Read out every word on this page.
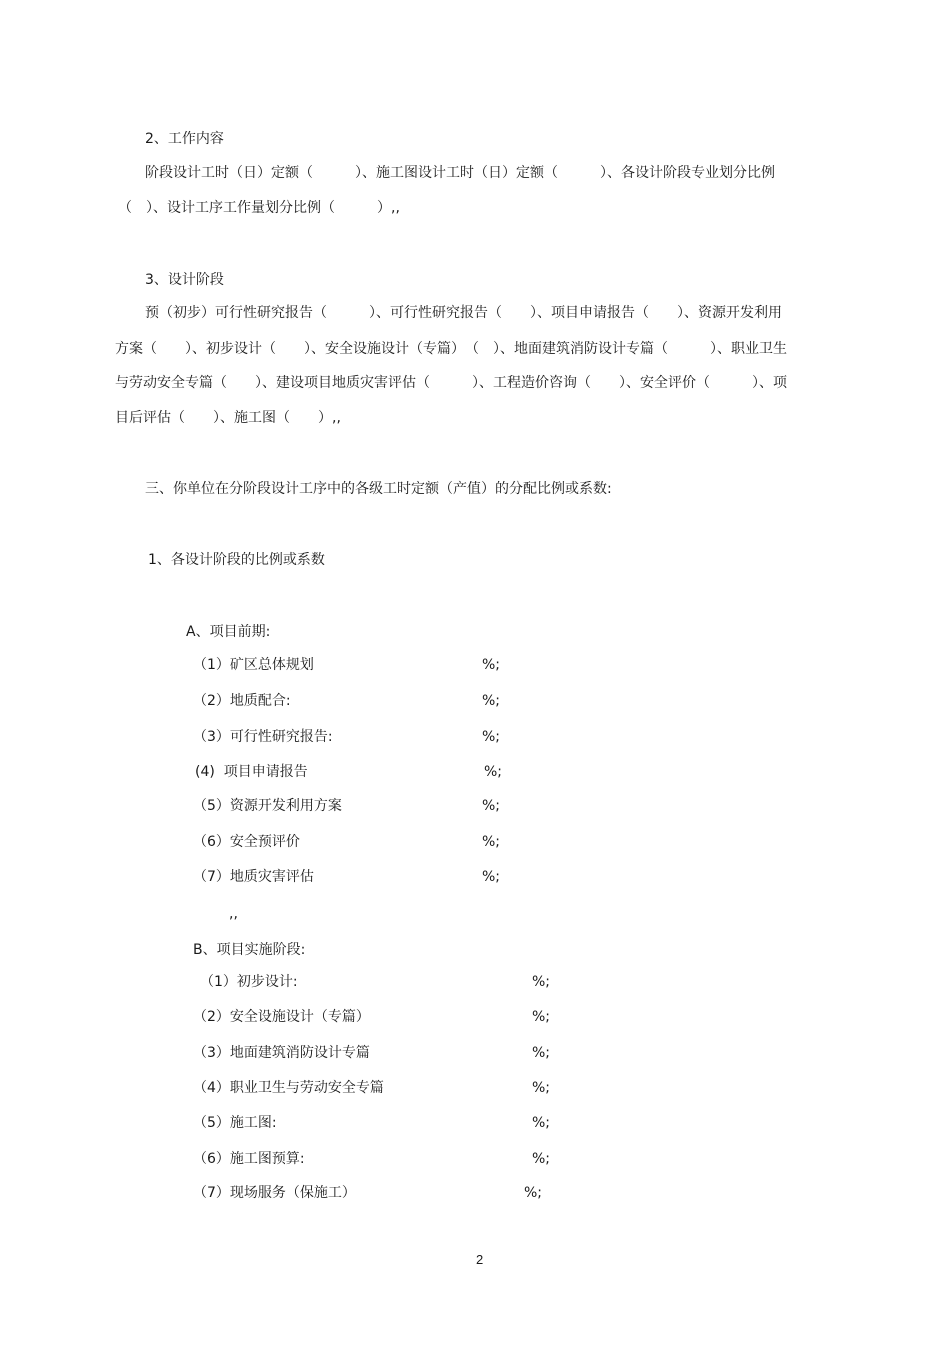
2、工作内容
阶段设计工时（日）定额（　　　）、施工图设计工时（日）定额（　　　）、各设计阶段专业划分比例
（　）、设计工序工作量划分比例（　　　）,,
3、设计阶段
预（初步）可行性研究报告（　　　）、可行性研究报告（　　）、项目申请报告（　　）、资源开发利用
方案（　　）、初步设计（　　）、安全设施设计（专篇）　（　）、地面建筑消防设计专篇（　　　）、职业卫生
与劳动安全专篇（　　）、建设项目地质灾害评估（　　　）、工程造价咨询（　　）、安全评价（　　　）、项
目后评估（　　）、施工图（　　）,,
三、你单位在分阶段设计工序中的各级工时定额（产值）的分配比例或系数:
1、各设计阶段的比例或系数
A、项目前期:
（1）矿区总体规划	%;
（2）地质配合:	%;
（3）可行性研究报告:	%;
(4)  项目申请报告	%;
（5）资源开发利用方案	%;
（6）安全预评价	%;
（7）地质灾害评估	%;
,,
B、项目实施阶段:
（1）初步设计:	%;
（2）安全设施设计（专篇）	%;
（3）地面建筑消防设计专篇	%;
（4）职业卫生与劳动安全专篇	%;
（5）施工图:	%;
（6）施工图预算:	%;
（7）现场服务（保施工）	%;
2
